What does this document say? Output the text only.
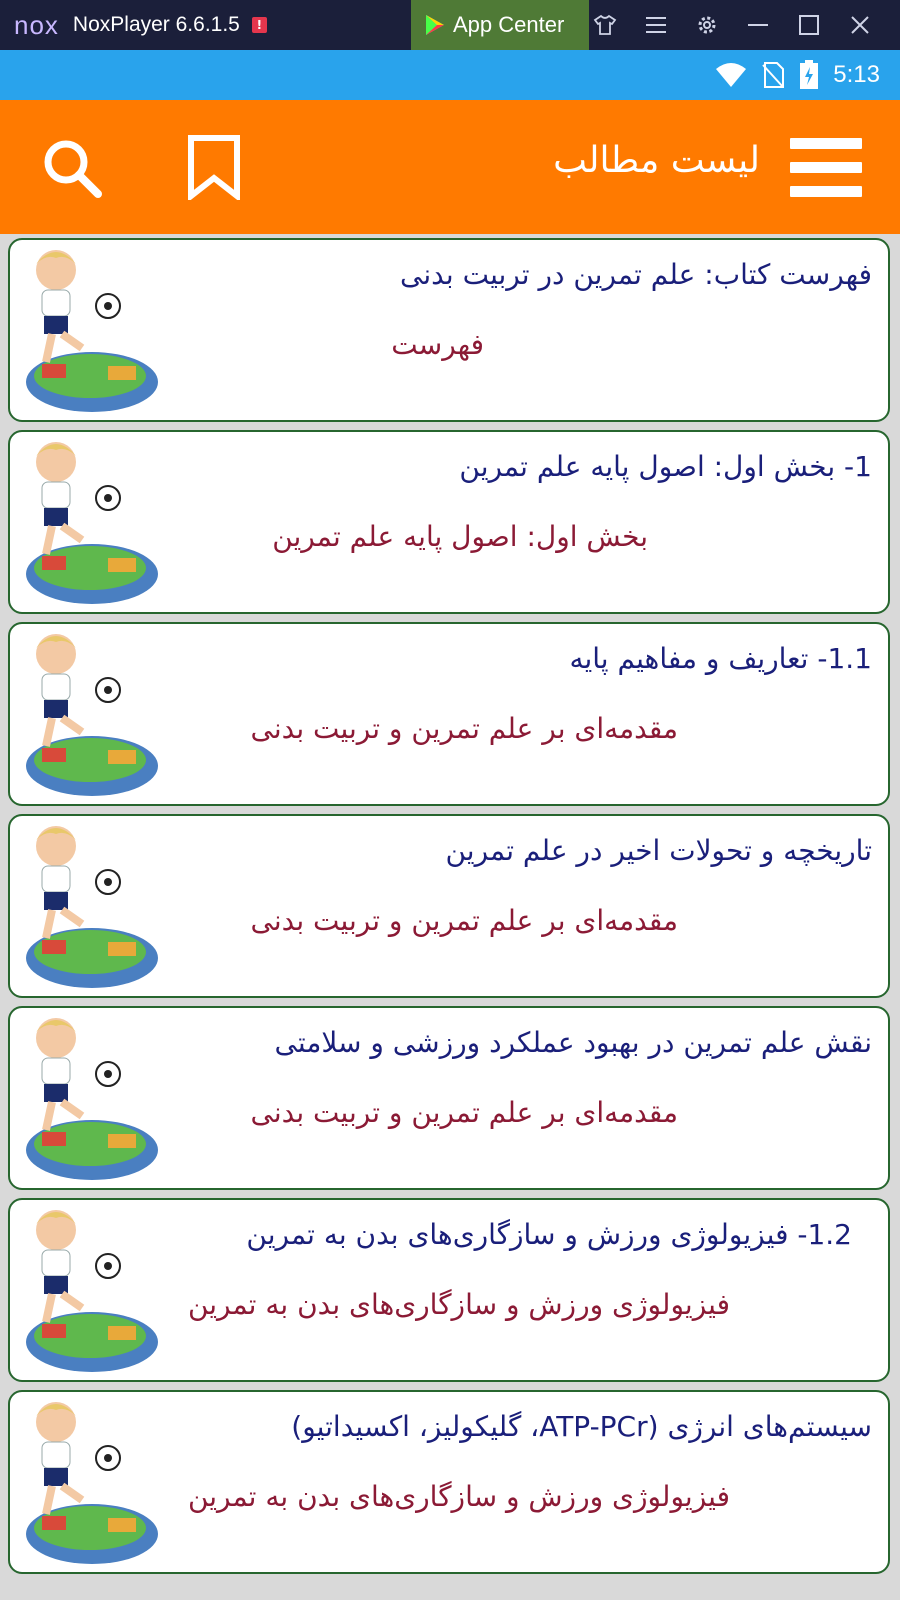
nox NoxPlayer 6.6.1.5	!	App Center
5:13
لیست مطالب
فهرست کتاب: علم تمرین در تربیت بدنی
فهرست
1- بخش اول: اصول پایه علم تمرین
بخش اول: اصول پایه علم تمرین
1.1- تعاریف و مفاهیم پایه
مقدمه‌ای بر علم تمرین و تربیت بدنی
تاریخچه و تحولات اخیر در علم تمرین
مقدمه‌ای بر علم تمرین و تربیت بدنی
نقش علم تمرین در بهبود عملکرد ورزشی و سلامتی
مقدمه‌ای بر علم تمرین و تربیت بدنی
1.2- فیزیولوژی ورزش و سازگاری‌های بدن به تمرین
فیزیولوژی ورزش و سازگاری‌های بدن به تمرین
سیستم‌های انرژی (ATP-PCr، گلیکولیز، اکسیداتیو)
فیزیولوژی ورزش و سازگاری‌های بدن به تمرین
